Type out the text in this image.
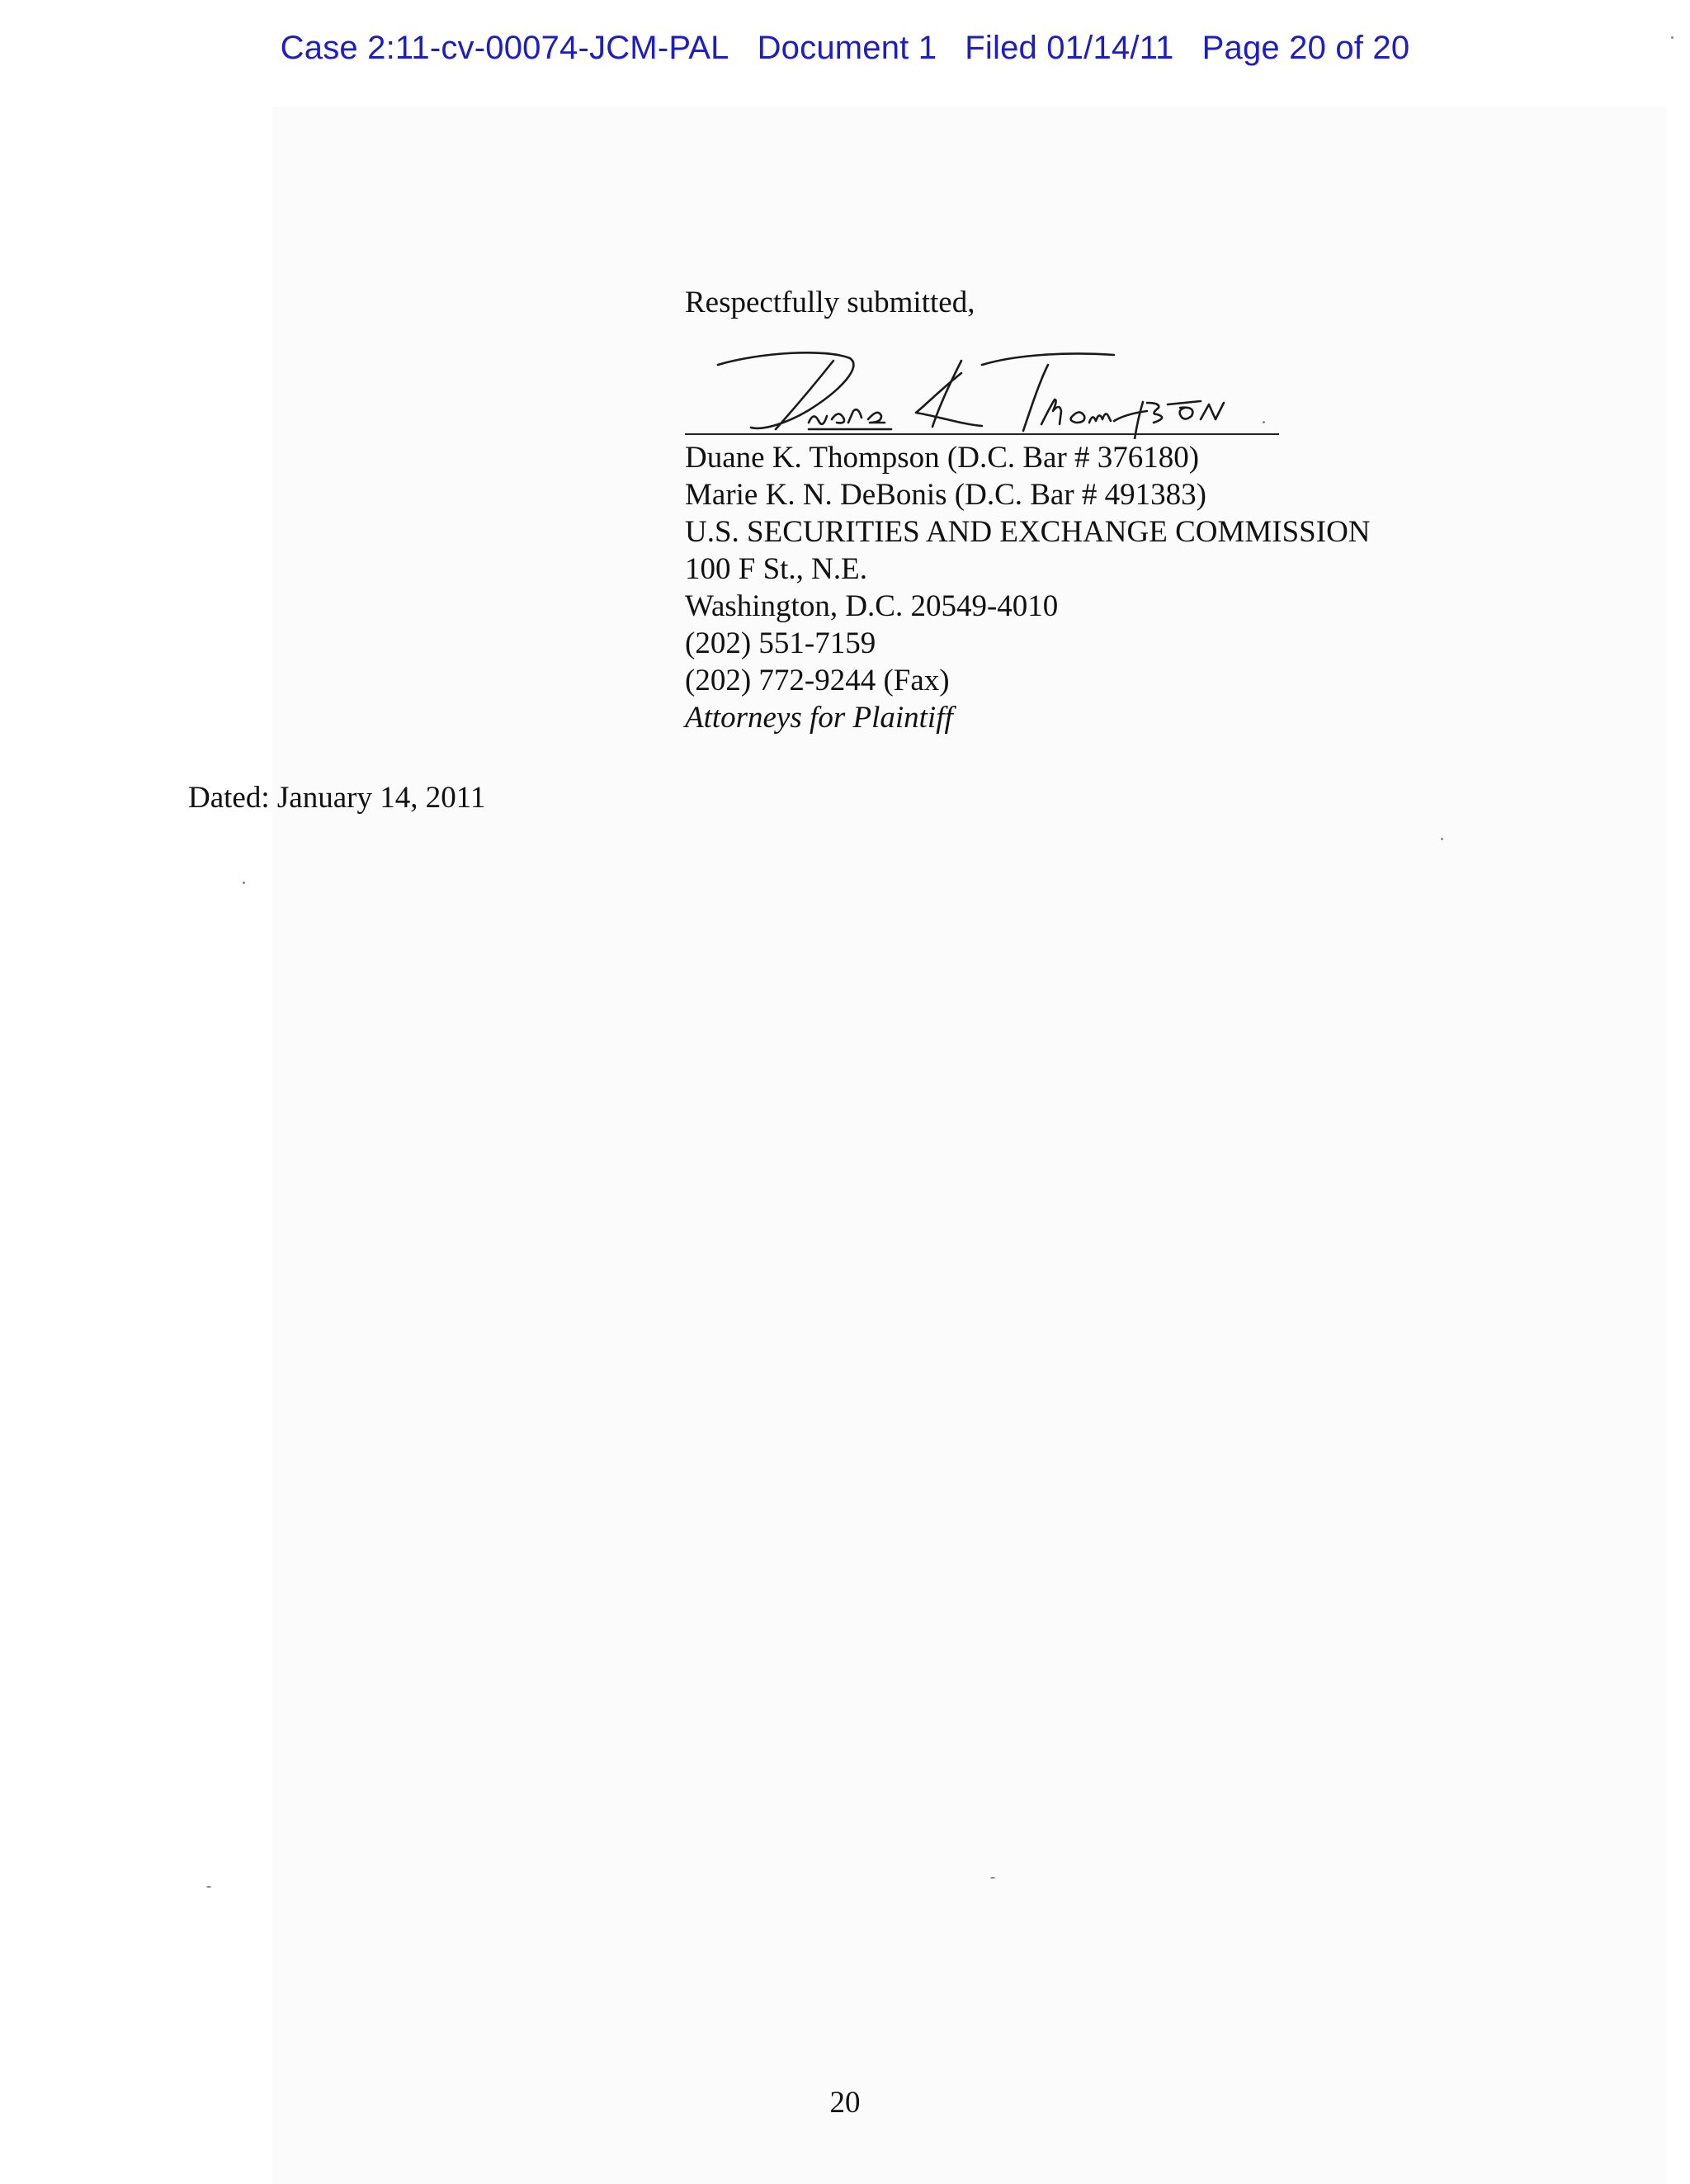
Case 2:11-cv-00074-JCM-PAL Document 1 Filed 01/14/11 Page 20 of 20
Respectfully submitted,
Duane K. Thompson (D.C. Bar # 376180)
Marie K. N. DeBonis (D.C. Bar # 491383)
U.S. SECURITIES AND EXCHANGE COMMISSION
100 F St., N.E.
Washington, D.C. 20549-4010
(202) 551-7159
(202) 772-9244 (Fax)
Attorneys for Plaintiff
Dated: January 14, 2011
20
